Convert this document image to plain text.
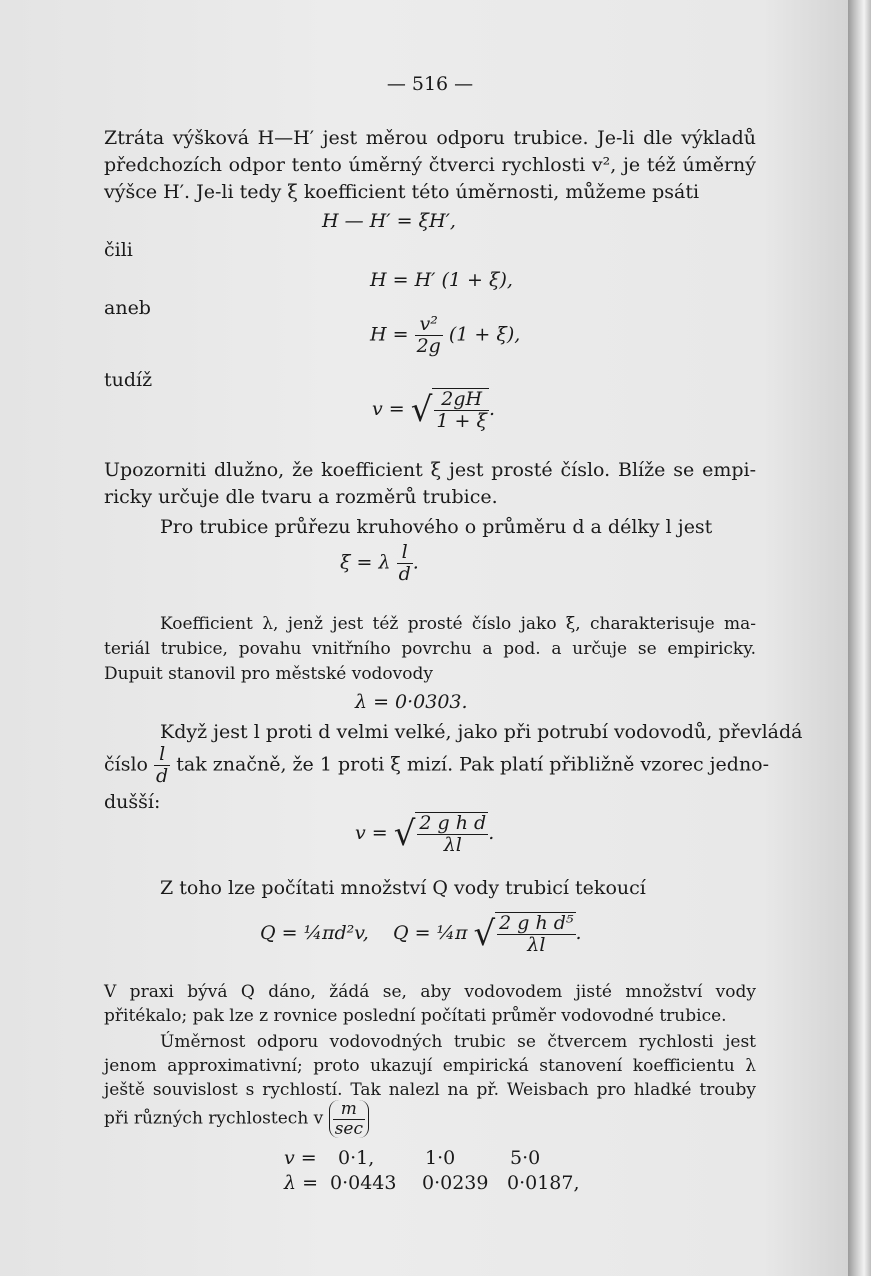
— 516 —
Ztráta výšková H—H′ jest měrou odporu trubice. Je-li dle výkladů
předchozích odpor tento úměrný čtverci rychlosti v², je též úměrný
výšce H′. Je-li tedy ξ koefficient této úměrnosti, můžeme psáti
H — H′ = ξH′,
čili
H = H′ (1 + ξ),
aneb
$H = \frac{\text{v²}}{2g} (1 + \xi)$,
tudíž
v = √ $\frac{2gH}{1 + \xi}$ .
Upozorniti dlužno, že koefficient ξ jest prosté číslo. Blíže se empi-
ricky určuje dle tvaru a rozměrů trubice.
Pro trubice průřezu kruhového o průměru d a délky l jest
ξ = λ $\frac{l}{d}$ .
Koefficient λ, jenž jest též prosté číslo jako ξ, charakterisuje ma-
teriál trubice, povahu vnitřního povrchu a pod. a určuje se empiricky.
Dupuit stanovil pro městské vodovody
λ = 0·0303.
Když jest l proti d velmi velké, jako při potrubí vodovodů, převládá
číslo $\frac{l}{d}$ tak značně, že 1 proti ξ mizí. Pak platí přibližně vzorec jedno-
dušší:
v = √ $\frac{\text{2 g h d}}{\lambda l}$ .
Z toho lze počítati množství Q vody trubicí tekoucí
Q = ¼πd²v, Q = ¼π √ $\frac{\text{2 g h d⁵}}{\lambda l}$ .
V praxi bývá Q dáno, žádá se, aby vodovodem jisté množství vody
přitékalo; pak lze z rovnice poslední počítati průměr vodovodné trubice.
Úměrnost odporu vodovodných trubic se čtvercem rychlosti jest
jenom approximativní; proto ukazují empirická stanovení koefficientu λ
ještě souvislost s rychlostí. Tak nalezl na př. Weisbach pro hladké trouby
při různých rychlostech v $\frac{m}{\sec}$
v =	0·1,	1·0	5·0
λ = 0·0443 0·0239 0·0187,
